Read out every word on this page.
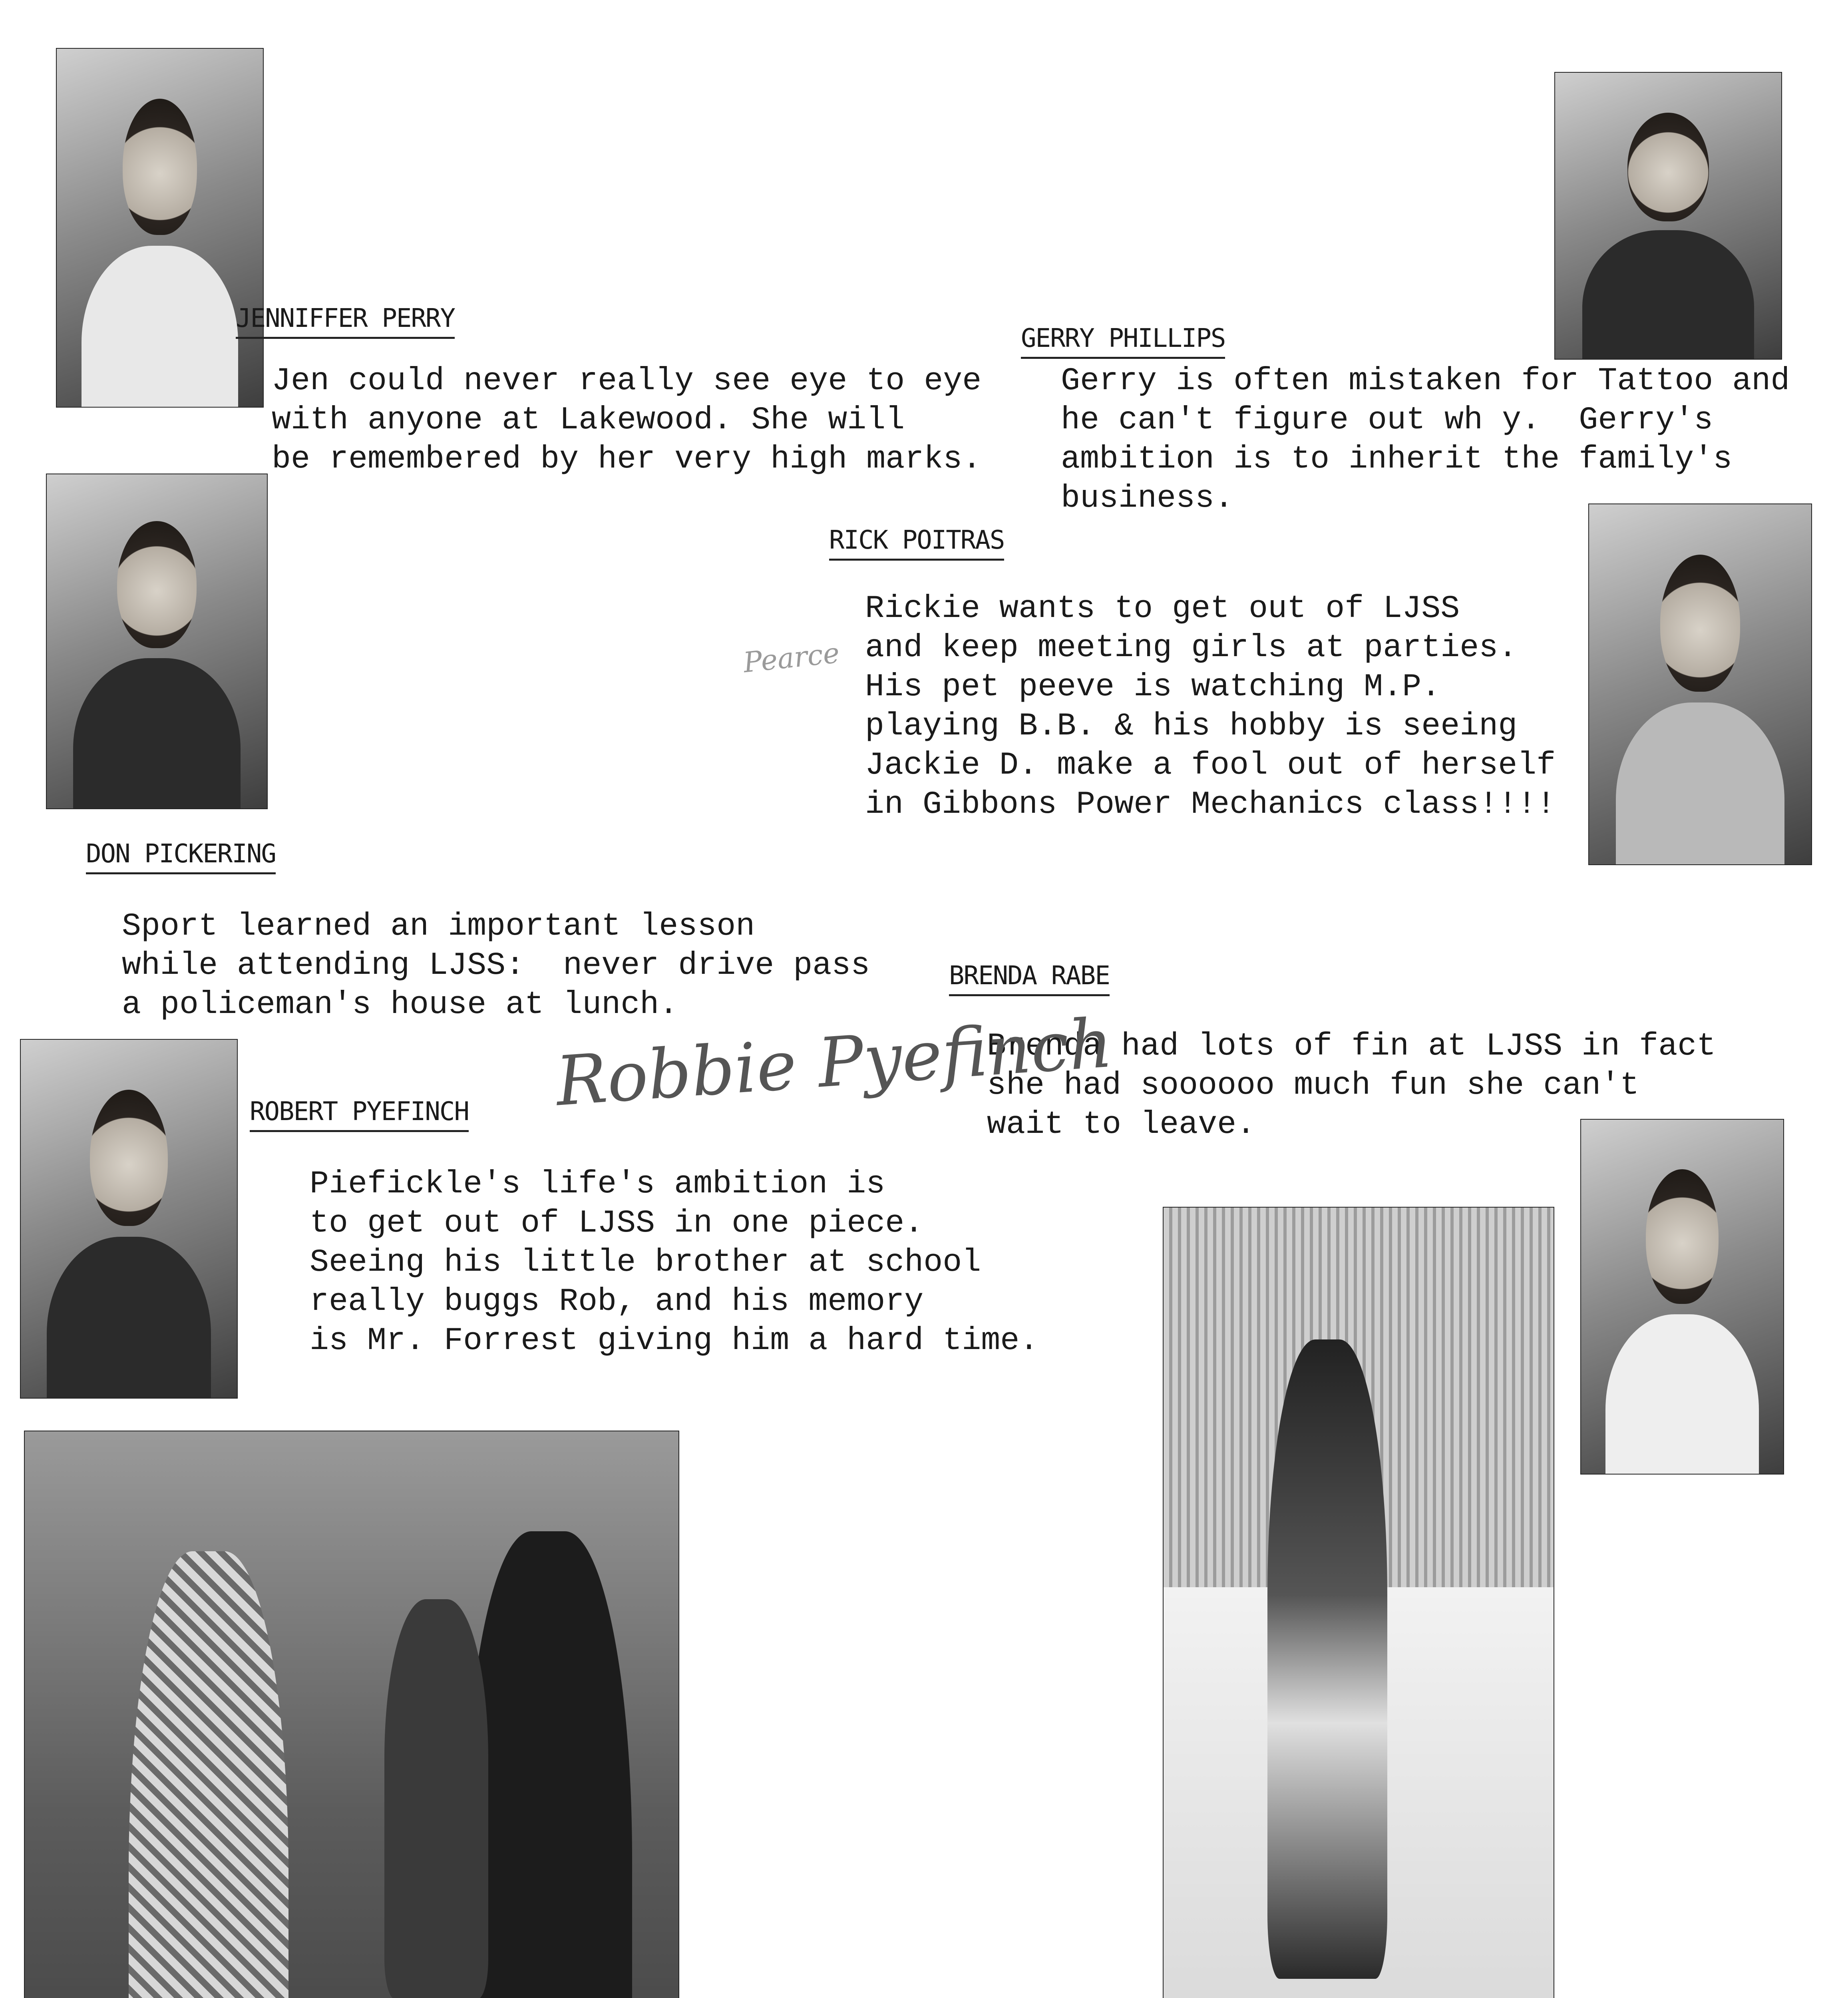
JENNIFFER PERRY
Jen could never really see eye to eye
with anyone at Lakewood. She will
be remembered by her very high marks.
GERRY PHILLIPS
Gerry is often mistaken for Tattoo and
he can't figure out wh y.  Gerry's
ambition is to inherit the family's
business.
RICK POITRAS
Rickie wants to get out of LJSS
and keep meeting girls at parties.
His pet peeve is watching M.P.
playing B.B. & his hobby is seeing
Jackie D. make a fool out of herself
in Gibbons Power Mechanics class!!!!
DON PICKERING
Sport learned an important lesson
while attending LJSS:  never drive pass
a policeman's house at lunch.
BRENDA RABE
Brenda had lots of fin at LJSS in fact
she had soooooo much fun she can't
wait to leave.
ROBERT PYEFINCH
Piefickle's life's ambition is
to get out of LJSS in one piece.
Seeing his little brother at school
really buggs Rob, and his memory
is Mr. Forrest giving him a hard time.
Pearce
Robbie Pyefinch
